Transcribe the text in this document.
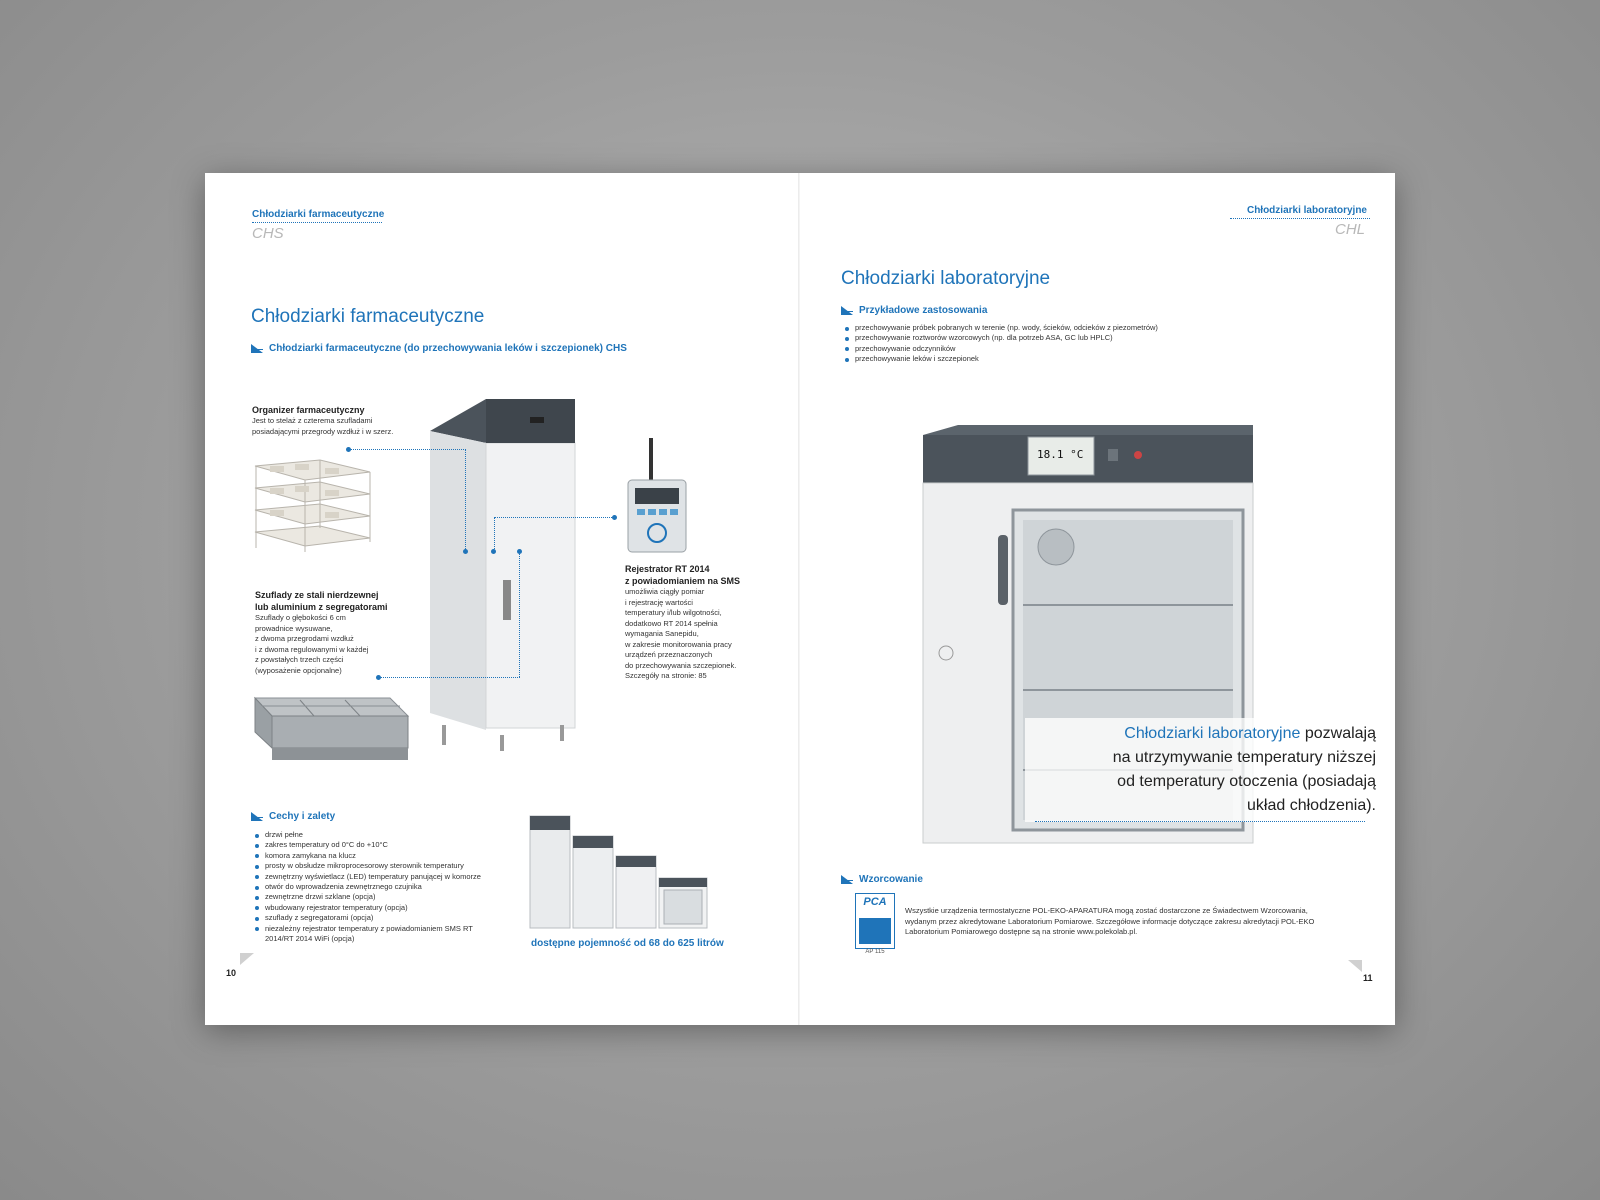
Chłodziarki farmaceutyczne
CHS
Chłodziarki farmaceutyczne
Chłodziarki farmaceutyczne (do przechowywania leków i szczepionek) CHS
Organizer farmaceutyczny
Jest to stelaż z czterema szufladami posiadającymi przegrody wzdłuż i w szerz.
Szuflady ze stali nierdzewnej
lub aluminium z segregatorami
Szuflady o głębokości 6 cm
prowadnice wysuwane,
z dwoma przegrodami wzdłuż
i z dwoma regulowanymi w każdej
z powstałych trzech części
(wyposażenie opcjonalne)
Rejestrator RT 2014
z powiadomianiem na SMS
umożliwia ciągły pomiar
i rejestrację wartości
temperatury i/lub wilgotności,
dodatkowo RT 2014 spełnia
wymagania Sanepidu,
w zakresie monitorowania pracy
urządzeń przeznaczonych
do przechowywania szczepionek.
Szczegóły na stronie: 85
Cechy i zalety
drzwi pełne
zakres temperatury od 0°C do +10°C
komora zamykana na klucz
prosty w obsłudze mikroprocesorowy sterownik temperatury
zewnętrzny wyświetlacz (LED) temperatury panującej w komorze
otwór do wprowadzenia zewnętrznego czujnika
zewnętrzne drzwi szklane (opcja)
wbudowany rejestrator temperatury (opcja)
szuflady z segregatorami (opcja)
niezależny rejestrator temperatury z powiadomianiem SMS RT 2014/RT 2014 WiFi (opcja)	dostępne pojemność od 68 do 625 litrów
10
Chłodziarki laboratoryjne
CHL
Chłodziarki laboratoryjne
Przykładowe zastosowania
przechowywanie próbek pobranych w terenie (np. wody, ścieków, odcieków z piezometrów)
przechowywanie roztworów wzorcowych (np. dla potrzeb ASA, GC lub HPLC)
przechowywanie odczynników
przechowywanie leków i szczepionek
18.1 °C
Chłodziarki laboratoryjne pozwalają
na utrzymywanie temperatury niższej
od temperatury otoczenia (posiadają
układ chłodzenia).
Wzorcowanie
PCA
AP 115
Wszystkie urządzenia termostatyczne POL-EKO-APARATURA mogą zostać dostarczone ze Świadectwem Wzorcowania,
wydanym przez akredytowane Laboratorium Pomiarowe. Szczegółowe informacje dotyczące zakresu akredytacji POL-EKO
Laboratorium Pomiarowego dostępne są na stronie www.polekolab.pl.
11
